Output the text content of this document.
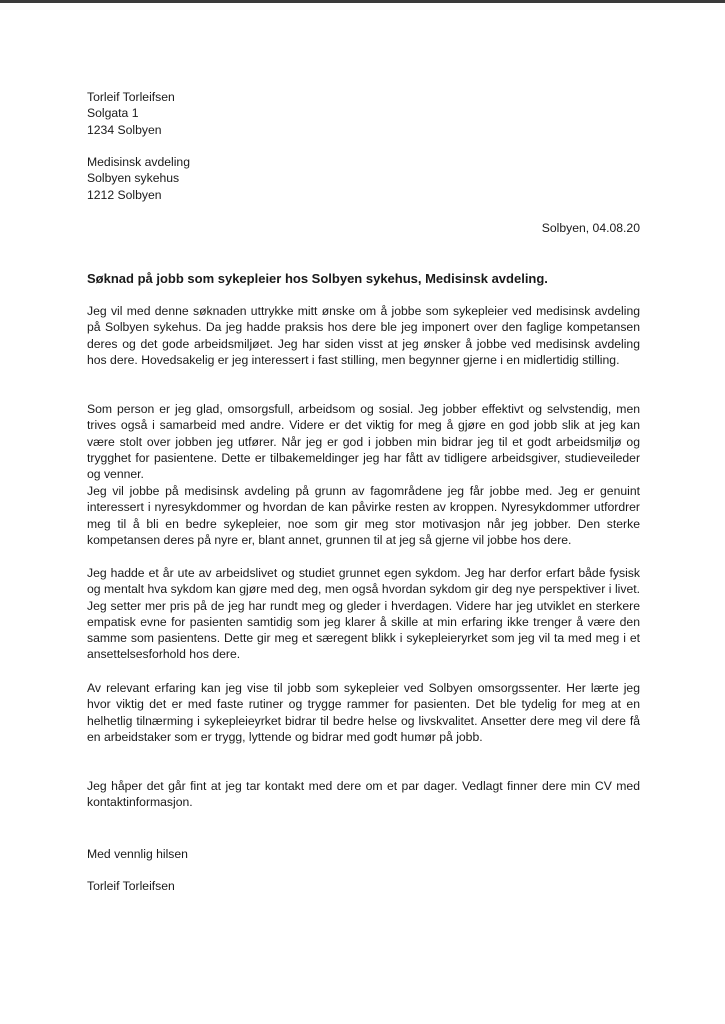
Torleif Torleifsen
Solgata 1
1234 Solbyen
Medisinsk avdeling
Solbyen sykehus
1212 Solbyen
Solbyen, 04.08.20
Søknad på jobb som sykepleier hos Solbyen sykehus, Medisinsk avdeling.

Jeg vil med denne søknaden uttrykke mitt ønske om å jobbe som sykepleier ved medisinsk avdeling på Solbyen sykehus. Da jeg hadde praksis hos dere ble jeg imponert over den faglige kompetansen deres og det gode arbeidsmiljøet. Jeg har siden visst at jeg ønsker å jobbe ved medisinsk avdeling hos dere. Hovedsakelig er jeg interessert i fast stilling, men begynner gjerne i en midlertidig stilling.

Som person er jeg glad, omsorgsfull, arbeidsom og sosial. Jeg jobber effektivt og selvstendig, men trives også i samarbeid med andre. Videre er det viktig for meg å gjøre en god jobb slik at jeg kan være stolt over jobben jeg utfører. Når jeg er god i jobben min bidrar jeg til et godt arbeidsmiljø og trygghet for pasientene. Dette er tilbakemeldinger jeg har fått av tidligere arbeidsgiver, studieveileder og venner.

Jeg vil jobbe på medisinsk avdeling på grunn av fagområdene jeg får jobbe med. Jeg er genuint interessert i nyresykdommer og hvordan de kan påvirke resten av kroppen. Nyresykdommer utfordrer meg til å bli en bedre sykepleier, noe som gir meg stor motivasjon når jeg jobber. Den sterke kompetansen deres på nyre er, blant annet, grunnen til at jeg så gjerne vil jobbe hos dere.

Jeg hadde et år ute av arbeidslivet og studiet grunnet egen sykdom. Jeg har derfor erfart både fysisk og mentalt hva sykdom kan gjøre med deg, men også hvordan sykdom gir deg nye perspektiver i livet. Jeg setter mer pris på de jeg har rundt meg og gleder i hverdagen. Videre har jeg utviklet en sterkere empatisk evne for pasienten samtidig som jeg klarer å skille at min erfaring ikke trenger å være den samme som pasientens. Dette gir meg et særegent blikk i sykepleieryrket som jeg vil ta med meg i et ansettelsesforhold hos dere.

Av relevant erfaring kan jeg vise til jobb som sykepleier ved Solbyen omsorgssenter. Her lærte jeg hvor viktig det er med faste rutiner og trygge rammer for pasienten. Det ble tydelig for meg at en helhetlig tilnærming i sykepleieyrket bidrar til bedre helse og livskvalitet. Ansetter dere meg vil dere få en arbeidstaker som er trygg, lyttende og bidrar med godt humør på jobb.

Jeg håper det går fint at jeg tar kontakt med dere om et par dager. Vedlagt finner dere min CV med kontaktinformasjon.

Med vennlig hilsen
Torleif Torleifsen
